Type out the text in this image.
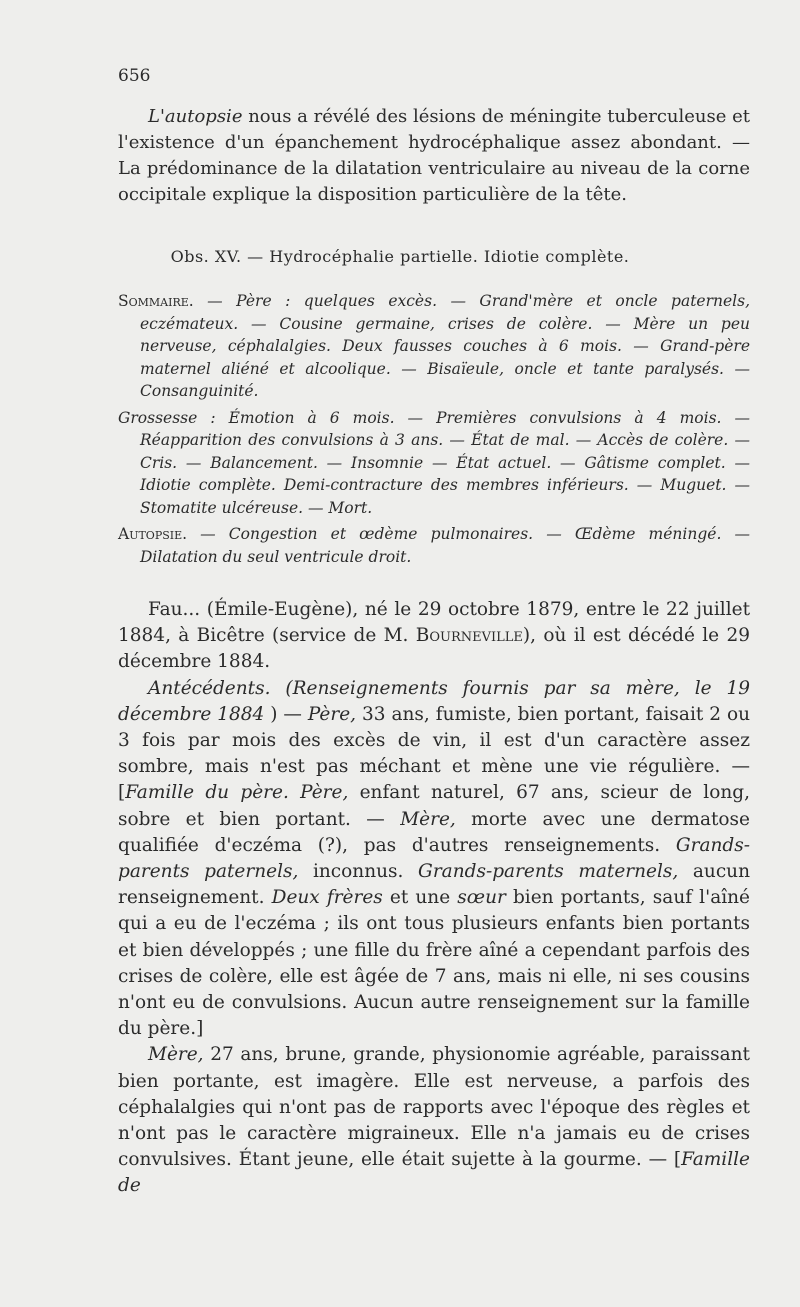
656

L'autopsie nous a révélé des lésions de méningite tuberculeuse et l'existence d'un épanchement hydrocéphalique assez abondant. — La prédominance de la dilatation ventriculaire au niveau de la corne occipitale explique la disposition particulière de la tête.

Obs. XV. — Hydrocéphalie partielle. Idiotie complète.

Sommaire. — Père : quelques excès. — Grand'mère et oncle paternels, eczémateux. — Cousine germaine, crises de colère. — Mère un peu nerveuse, céphalalgies. Deux fausses couches à 6 mois. — Grand-père maternel aliéné et alcoolique. — Bisaïeule, oncle et tante paralysés. — Consanguinité.

Grossesse : Émotion à 6 mois. — Premières convulsions à 4 mois. — Réapparition des convulsions à 3 ans. — État de mal. — Accès de colère. — Cris. — Balancement. — Insomnie — État actuel. — Gâtisme complet. — Idiotie complète. Demi-contracture des membres inférieurs. — Muguet. — Stomatite ulcéreuse. — Mort.

Autopsie. — Congestion et œdème pulmonaires. — Œdème méningé. — Dilatation du seul ventricule droit.

Fau... (Émile-Eugène), né le 29 octobre 1879, entre le 22 juillet 1884, à Bicêtre (service de M. Bourneville), où il est décédé le 29 décembre 1884.

Antécédents. (Renseignements fournis par sa mère, le 19 décembre 1884 ) — Père, 33 ans, fumiste, bien portant, faisait 2 ou 3 fois par mois des excès de vin, il est d'un caractère assez sombre, mais n'est pas méchant et mène une vie régulière. — [Famille du père. Père, enfant naturel, 67 ans, scieur de long, sobre et bien portant. — Mère, morte avec une dermatose qualifiée d'eczéma (?), pas d'autres renseignements. Grands-parents paternels, inconnus. Grands-parents maternels, aucun renseignement. Deux frères et une sœur bien portants, sauf l'aîné qui a eu de l'eczéma ; ils ont tous plusieurs enfants bien portants et bien développés ; une fille du frère aîné a cependant parfois des crises de colère, elle est âgée de 7 ans, mais ni elle, ni ses cousins n'ont eu de convulsions. Aucun autre renseignement sur la famille du père.]

Mère, 27 ans, brune, grande, physionomie agréable, paraissant bien portante, est imagère. Elle est nerveuse, a parfois des céphalalgies qui n'ont pas de rapports avec l'époque des règles et n'ont pas le caractère migraineux. Elle n'a jamais eu de crises convulsives. Étant jeune, elle était sujette à la gourme. — [Famille de
